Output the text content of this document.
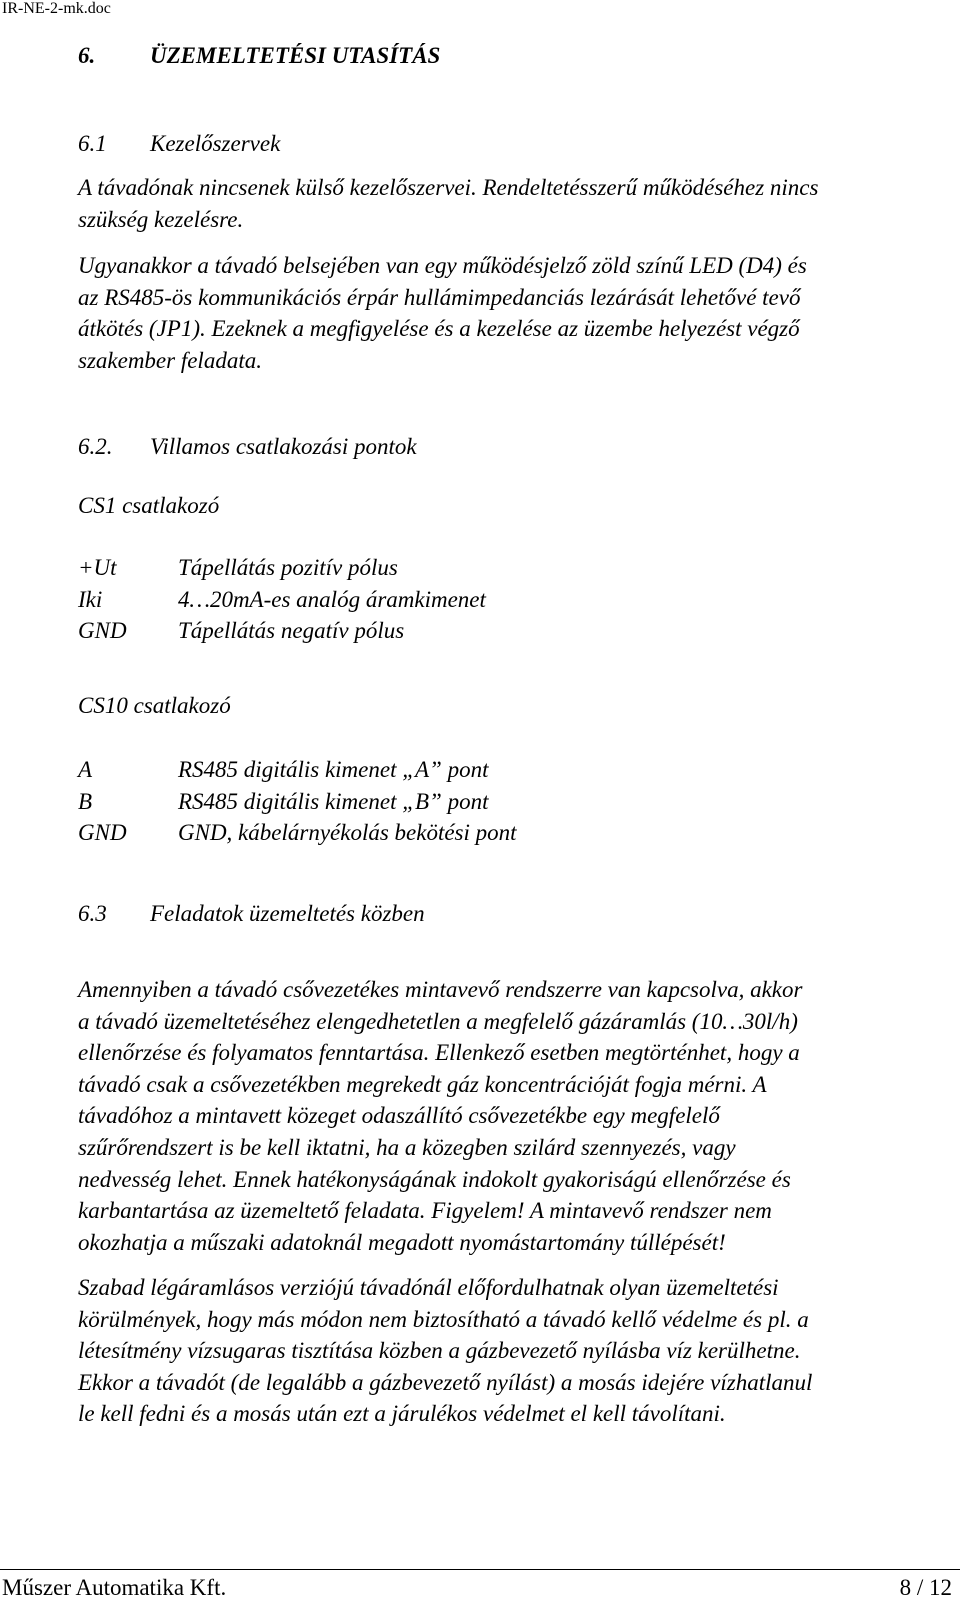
IR-NE-2-mk.doc
6. ÜZEMELTETÉSI UTASÍTÁS
6.1 Kezelőszervek

A távadónak nincsenek külső kezelőszervei. Rendeltetésszerű működéséhez nincs
szükség kezelésre.

Ugyanakkor a távadó belsejében van egy működésjelző zöld színű LED (D4) és
az RS485-ös kommunikációs érpár hullámimpedanciás lezárását lehetővé tevő
átkötés (JP1). Ezeknek a megfigyelése és a kezelése az üzembe helyezést végző
szakember feladata.

6.2. Villamos csatlakozási pontok
CS1 csatlakozó
+Ut	Tápellátás pozitív pólus
Iki	4…20mA-es analóg áramkimenet
GND	Tápellátás negatív pólus
CS10 csatlakozó
A	RS485 digitális kimenet „A” pont
B	RS485 digitális kimenet „B” pont
GND	GND, kábelárnyékolás bekötési pont
6.3 Feladatok üzemeltetés közben

Amennyiben a távadó csővezetékes mintavevő rendszerre van kapcsolva, akkor
a távadó üzemeltetéséhez elengedhetetlen a megfelelő gázáramlás (10…30l/h)
ellenőrzése és folyamatos fenntartása. Ellenkező esetben megtörténhet, hogy a
távadó csak a csővezetékben megrekedt gáz koncentrációját fogja mérni. A
távadóhoz a mintavett közeget odaszállító csővezetékbe egy megfelelő
szűrőrendszert is be kell iktatni, ha a közegben szilárd szennyezés, vagy
nedvesség lehet. Ennek hatékonyságának indokolt gyakoriságú ellenőrzése és
karbantartása az üzemeltető feladata. Figyelem! A mintavevő rendszer nem
okozhatja a műszaki adatoknál megadott nyomástartomány túllépését!

Szabad légáramlásos verziójú távadónál előfordulhatnak olyan üzemeltetési
körülmények, hogy más módon nem biztosítható a távadó kellő védelme és pl. a
létesítmény vízsugaras tisztítása közben a gázbevezető nyílásba víz kerülhetne.
Ekkor a távadót (de legalább a gázbevezető nyílást) a mosás idejére vízhatlanul
le kell fedni és a mosás után ezt a járulékos védelmet el kell távolítani.

Műszer Automatika Kft.	8 / 12
